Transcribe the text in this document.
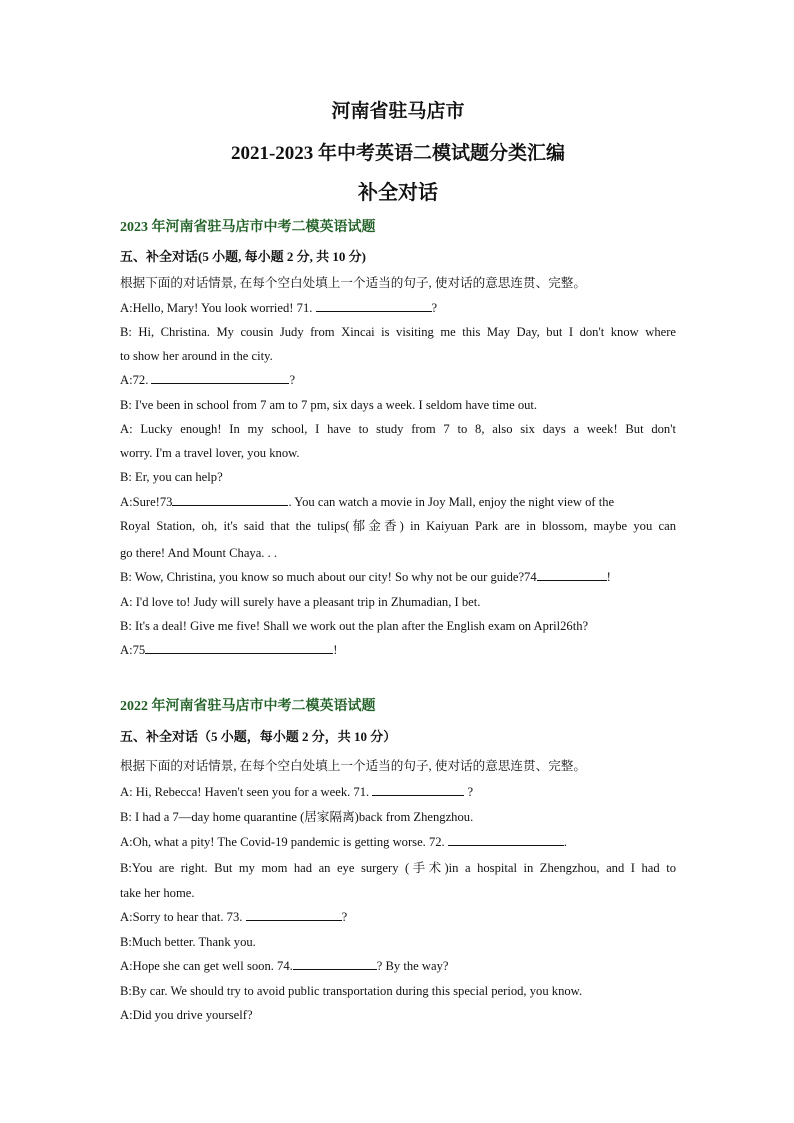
河南省驻马店市
2021-2023 年中考英语二模试题分类汇编
补全对话
2023 年河南省驻马店市中考二模英语试题
五、补全对话(5 小题, 每小题 2 分, 共 10 分)
根据下面的对话情景, 在每个空白处填上一个适当的句子, 使对话的意思连贯、完整。
A:Hello, Mary! You look worried! 71.	?
B: Hi, Christina. My cousin Judy from Xincai is visiting me this May Day, but I don't know where
to show her around in the city.
A:72.	?
B: I've been in school from 7 am to 7 pm, six days a week. I seldom have time out.
A: Lucky enough! In my school, I have to study from 7 to 8, also six days a week! But don't
worry. I'm a travel lover, you know.
B: Er, you can help?
A:Sure!73	. You can watch a movie in Joy Mall, enjoy the night view of the
Royal Station, oh, it's said that the tulips(郁金香) in Kaiyuan Park are in blossom, maybe you can
go there! And Mount Chaya. . .
B: Wow, Christina, you know so much about our city! So why not be our guide?74	!
A: I'd love to! Judy will surely have a pleasant trip in Zhumadian, I bet.
B: It's a deal! Give me five! Shall we work out the plan after the English exam on April26th?
A:75	!
2022 年河南省驻马店市中考二模英语试题
五、补全对话（5 小题，每小题 2 分，共 10 分）
根据下面的对话情景, 在每个空白处填上一个适当的句子, 使对话的意思连贯、完整。
A: Hi, Rebecca! Haven't seen you for a week. 71.	?
B: I had a 7—day home quarantine (居家隔离)back from Zhengzhou.
A:Oh, what a pity! The Covid-19 pandemic is getting worse. 72.	.
B:You are right. But my mom had an eye surgery (手术)in a hospital in Zhengzhou, and I had to
take her home.
A:Sorry to hear that. 73.	?
B:Much better. Thank you.
A:Hope she can get well soon. 74.	? By the way?
B:By car. We should try to avoid public transportation during this special period, you know.
A:Did you drive yourself?
